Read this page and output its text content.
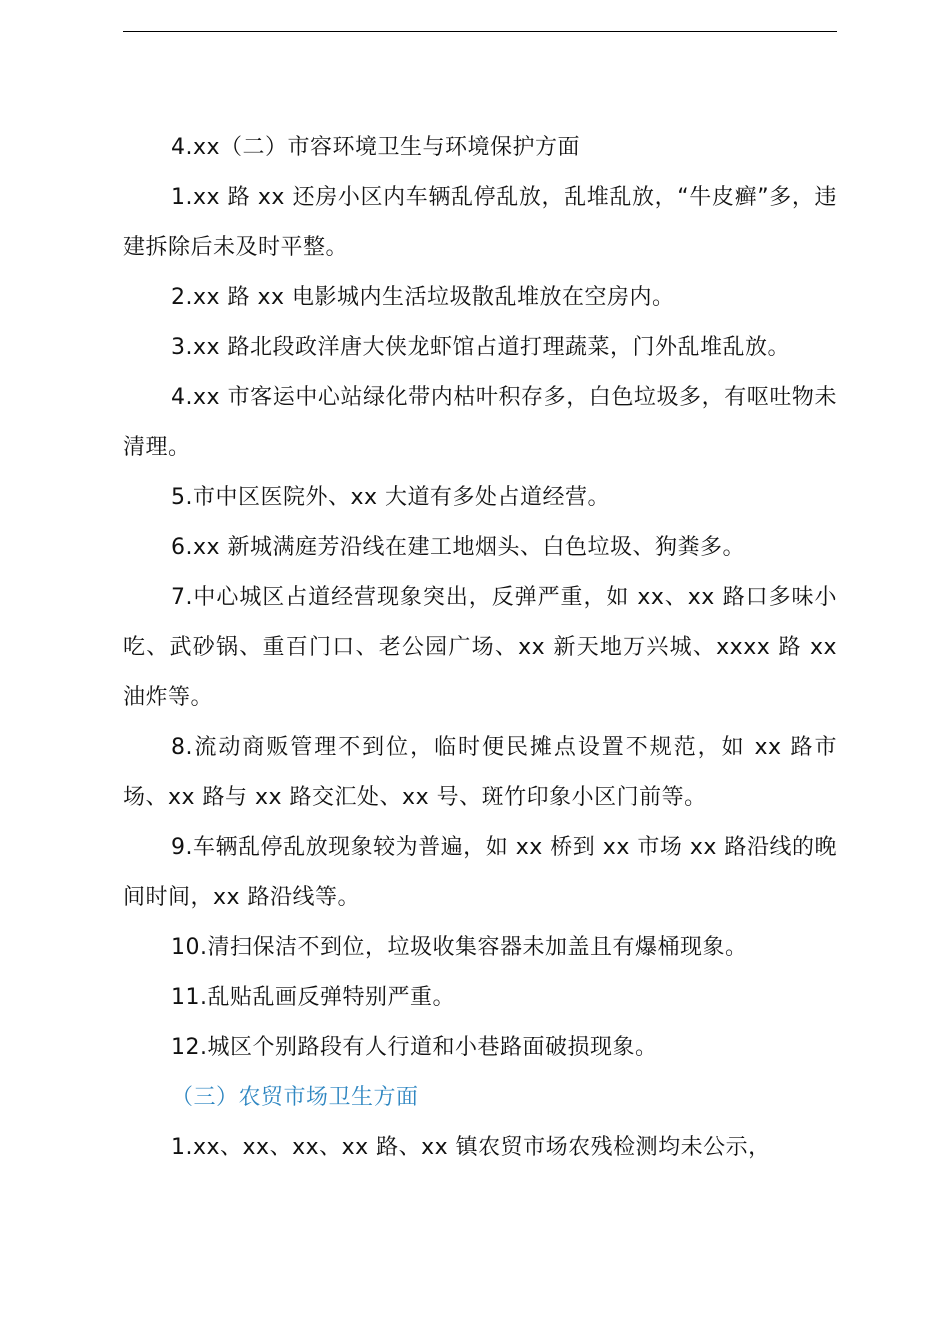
4.xx（二）市容环境卫生与环境保护方面

1.xx 路 xx 还房小区内车辆乱停乱放，乱堆乱放，“牛皮癣”多，违建拆除后未及时平整。

2.xx 路 xx 电影城内生活垃圾散乱堆放在空房内。

3.xx 路北段政洋唐大侠龙虾馆占道打理蔬菜，门外乱堆乱放。

4.xx 市客运中心站绿化带内枯叶积存多，白色垃圾多，有呕吐物未清理。

5.市中区医院外、xx 大道有多处占道经营。

6.xx 新城满庭芳沿线在建工地烟头、白色垃圾、狗粪多。

7.中心城区占道经营现象突出，反弹严重，如 xx、xx 路口多味小吃、武砂锅、重百门口、老公园广场、xx 新天地万兴城、xxxx 路 xx 油炸等。

8.流动商贩管理不到位，临时便民摊点设置不规范，如 xx 路市场、xx 路与 xx 路交汇处、xx 号、斑竹印象小区门前等。

9.车辆乱停乱放现象较为普遍，如 xx 桥到 xx 市场 xx 路沿线的晚间时间，xx 路沿线等。

10.清扫保洁不到位，垃圾收集容器未加盖且有爆桶现象。

11.乱贴乱画反弹特别严重。

12.城区个别路段有人行道和小巷路面破损现象。

（三）农贸市场卫生方面

1.xx、xx、xx、xx 路、xx 镇农贸市场农残检测均未公示，
